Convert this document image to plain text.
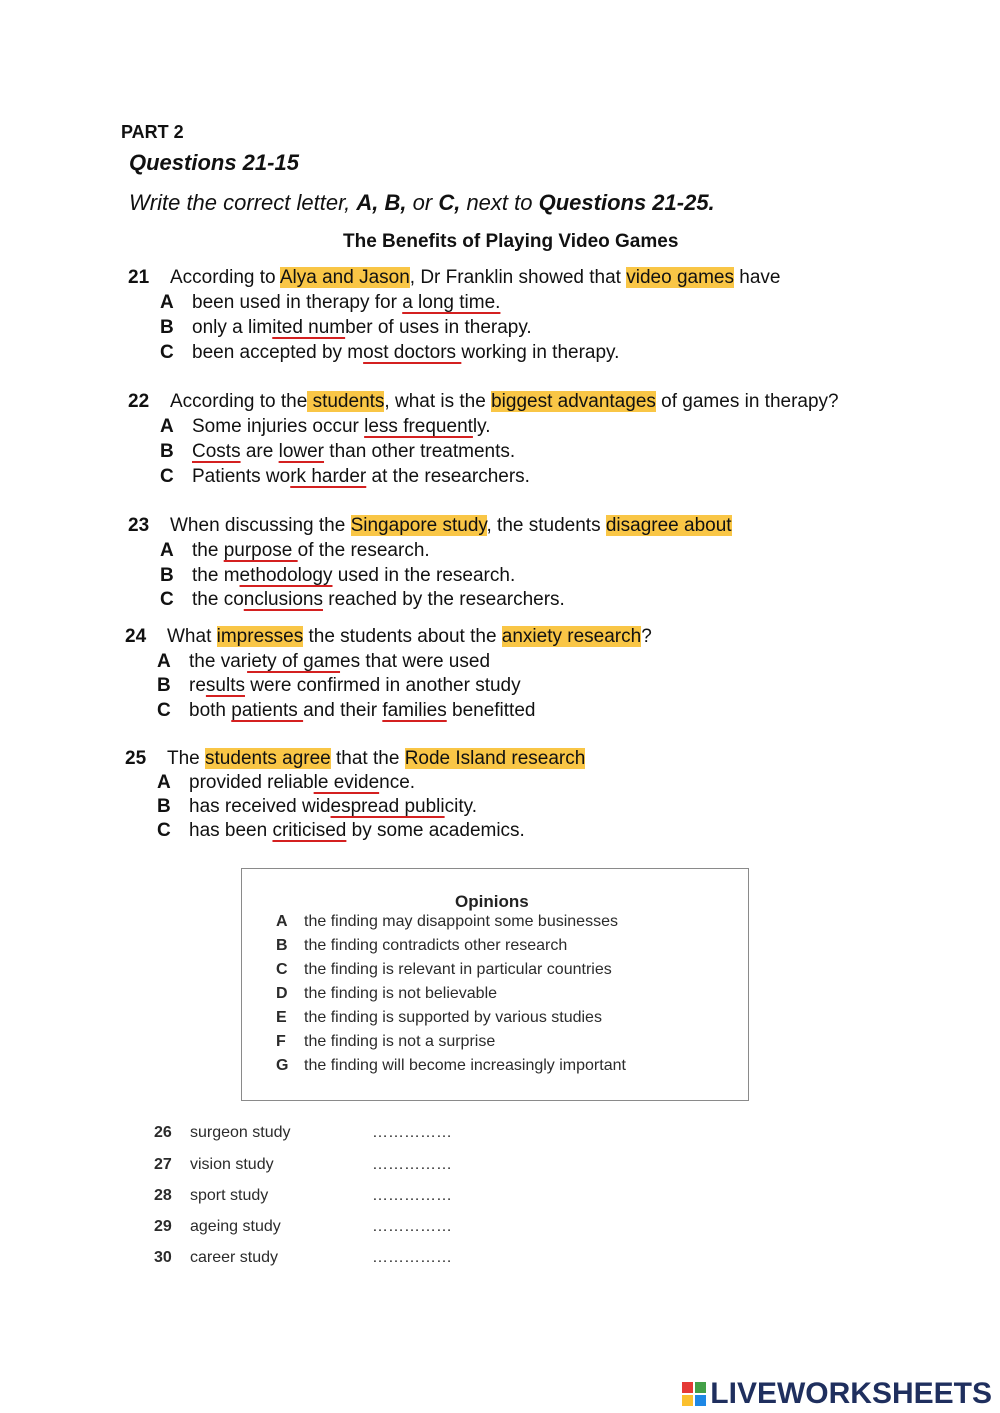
PART 2
Questions 21-15
Write the correct letter, A, B, or C, next to Questions 21-25.
The Benefits of Playing Video Games
21 According to Alya and Jason, Dr Franklin showed that video games have
A been used in therapy for a long time.
B only a limited number of uses in therapy.
C been accepted by most doctors working in therapy.
22 According to the students, what is the biggest advantages of games in therapy?
A Some injuries occur less frequently.
B Costs are lower than other treatments.
C Patients work harder at the researchers.
23 When discussing the Singapore study, the students disagree about
A the purpose of the research.
B the methodology used in the research.
C the conclusions reached by the researchers.
24 What impresses the students about the anxiety research?
A the variety of games that were used
B results were confirmed in another study
C both patients and their families benefitted
25 The students agree that the Rode Island research
A provided reliable evidence.
B has received widespread publicity.
C has been criticised by some academics.
Opinions
A the finding may disappoint some businesses
B the finding contradicts other research
C the finding is relevant in particular countries
D the finding is not believable
E the finding is supported by various studies
F the finding is not a surprise
G the finding will become increasingly important
26 surgeon study	……………
27 vision study	……………
28 sport study	……………
29 ageing study	……………
30 career study	……………
LIVEWORKSHEETS
